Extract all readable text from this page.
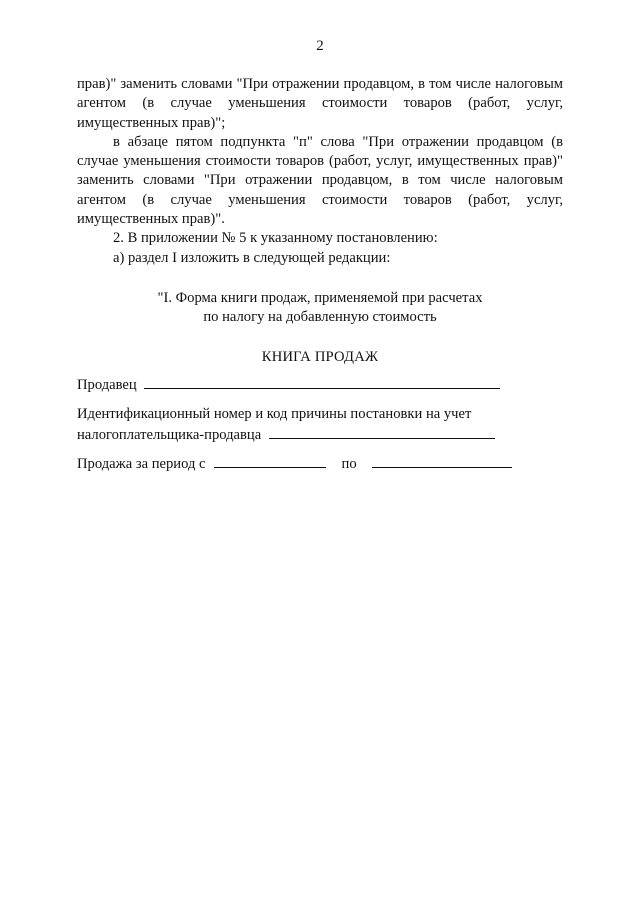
2

прав)" заменить словами "При отражении продавцом, в том числе налоговым агентом (в случае уменьшения стоимости товаров (работ, услуг, имущественных прав)";

в абзаце пятом подпункта "п" слова "При отражении продавцом (в случае уменьшения стоимости товаров (работ, услуг, имущественных прав)" заменить словами "При отражении продавцом, в том числе налоговым агентом (в случае уменьшения стоимости товаров (работ, услуг, имущественных прав)".

2. В приложении № 5 к указанному постановлению:

а) раздел I изложить в следующей редакции:

"I. Форма книги продаж, применяемой при расчетах
по налогу на добавленную стоимость
КНИГА ПРОДАЖ
Продавец
Идентификационный номер и код причины постановки на учет
налогоплательщика-продавца
Продажа за период с	по
